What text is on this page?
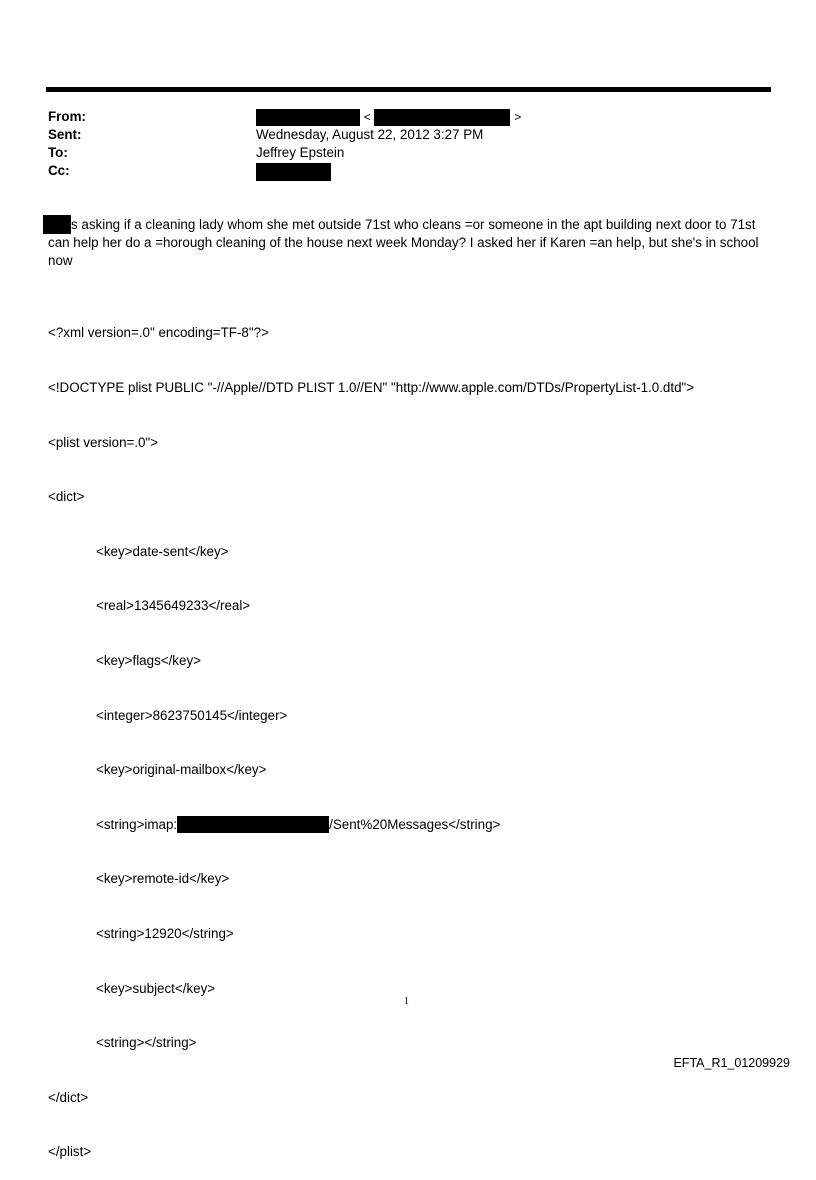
From:	<	>
Sent:	Wednesday, August 22, 2012 3:27 PM
To:	Jeffrey Epstein
Cc:
s asking if a cleaning lady whom she met outside 71st who cleans =or someone in the apt building next door to 71st
can help her do a =horough cleaning of the house next week Monday? I asked her if Karen =an help, but she's in school
now

<?xml version=.0" encoding=TF-8"?>

<!DOCTYPE plist PUBLIC "-//Apple//DTD PLIST 1.0//EN" "http://www.apple.com/DTDs/PropertyList-1.0.dtd">

<plist version=.0">

<dict>

<key>date-sent</key>

<real>1345649233</real>

<key>flags</key>

<integer>8623750145</integer>

<key>original-mailbox</key>

<string>imap:	/Sent%20Messages</string>

<key>remote-id</key>

<string>12920</string>

<key>subject</key>

<string></string>

</dict>

</plist>

1
EFTA_R1_01209929
